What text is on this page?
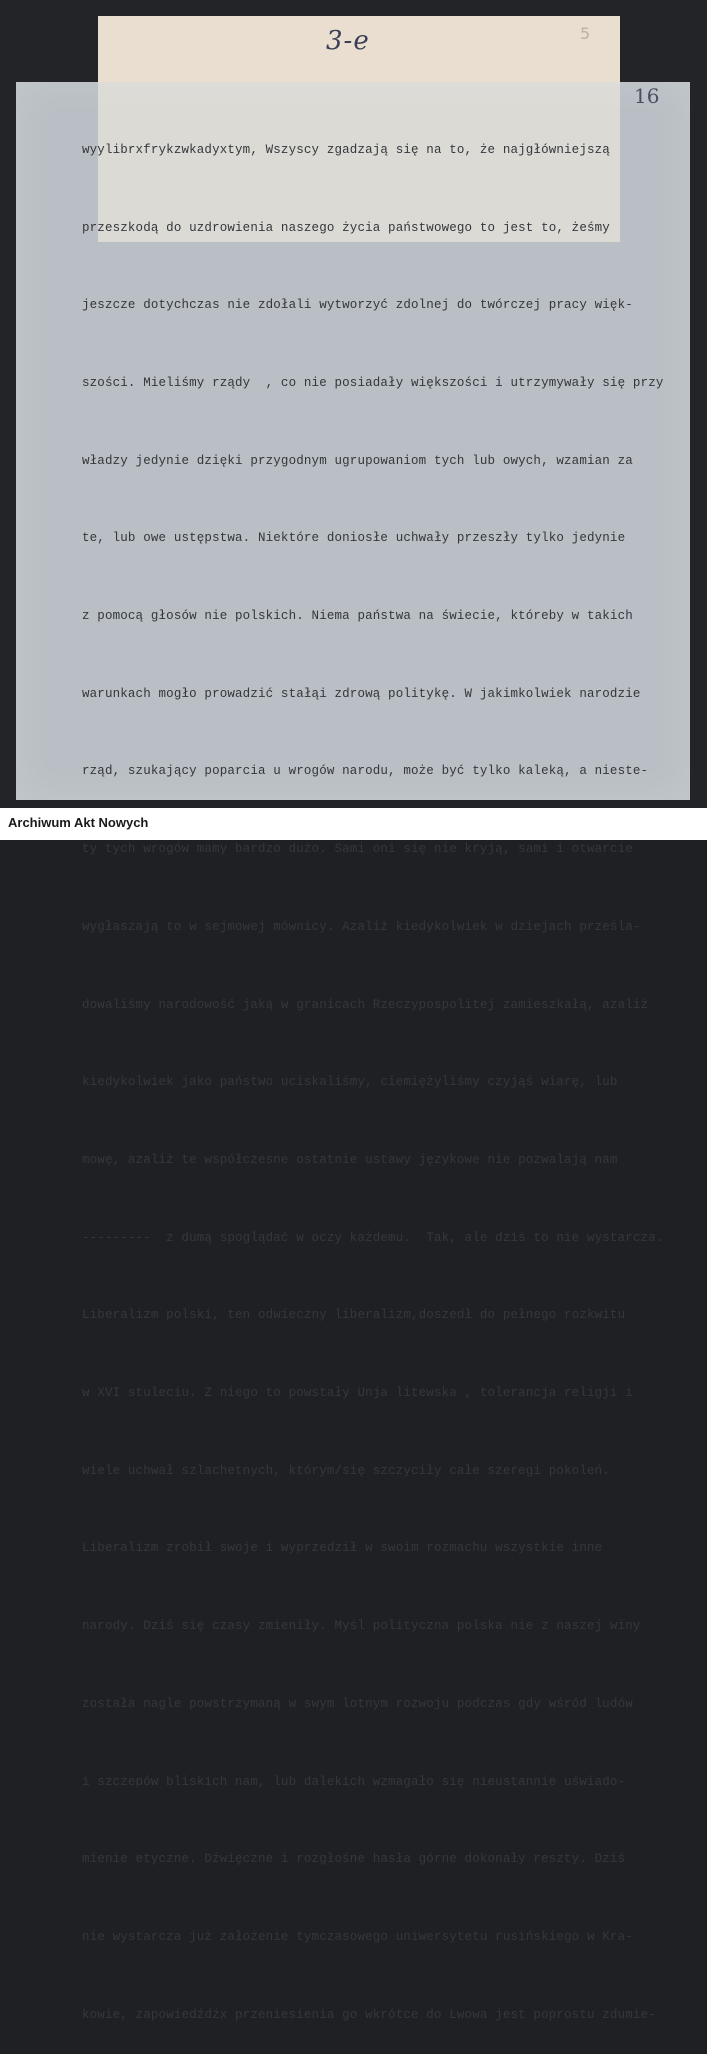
3-e	5
16

wyylibrxfrykzwkadyxtym, Wszyscy zgadzają się na to, że najgłówniejszą

przeszkodą do uzdrowienia naszego życia państwowego to jest to, żeśmy

jeszcze dotychczas nie zdołali wytworzyć zdolnej do twórczej pracy więk-

szości. Mieliśmy rządy  , co nie posiadały większości i utrzymywały się przy

władzy jedynie dzięki przygodnym ugrupowaniom tych lub owych, wzamian za

te, lub owe ustępstwa. Niektóre doniosłe uchwały przeszły tylko jedynie

z pomocą głosów nie polskich. Niema państwa na świecie, któreby w takich

warunkach mogło prowadzić stałąi zdrową politykę. W jakimkolwiek narodzie

rząd, szukający poparcia u wrogów narodu, może być tylko kaleką, a niestе-

ty tych wrogów mamy bardzo dużo. Sami oni się nie kryją, sami i otwarcie

wygłaszają to w sejmowej mównicy. Azaliż kiedykolwiek w dziejach prześla-

dowaliśmy narodowość jaką w granicach Rzeczypospolitej zamieszkałą, azaliż

kiedykolwiek jako państwo uciskaliśmy, ciemiężyliśmy czyjąś wiarę, lub

mowę, azaliż te współczesne ostatnie ustawy językowe nie pozwalają nam

---------  z dumą spoglądać w oczy każdemu.  Tak, ale dziś to nie wystarcza.

Liberalizm polski, ten odwieczny liberalizm,doszedł do pełnego rozkwitu

w XVI stuleciu. Z niego to powstały Unja litewska , tolerancja religji i

wiele uchwał szlachetnych, którym/się szczyciły całe szeregi pokoleń.

Liberalizm zrobił swoje i wyprzedził w swoim rozmachu wszystkie inne

narody. Dziś się czasy zmieniły. Myśl polityczna polska nie z naszej winy

została nagle powstrzymaną w swym lotnym rozwoju podczas gdy wśród ludów

i szczepów bliskich nam, lub dalekich wzmagało się nieustannie uświado-

mienie etyczne. Dźwięczne i rozgłośne hasła górne dokonały reszty. Dziś

nie wystarcza już założenie tymczasowego uniwersytetu rusińskiego w Kra-

kowie, zapowiedźdźx przeniesienia go wkrótce do Lwowa jest poprostu zdumie-

Archiwum Akt Nowych
